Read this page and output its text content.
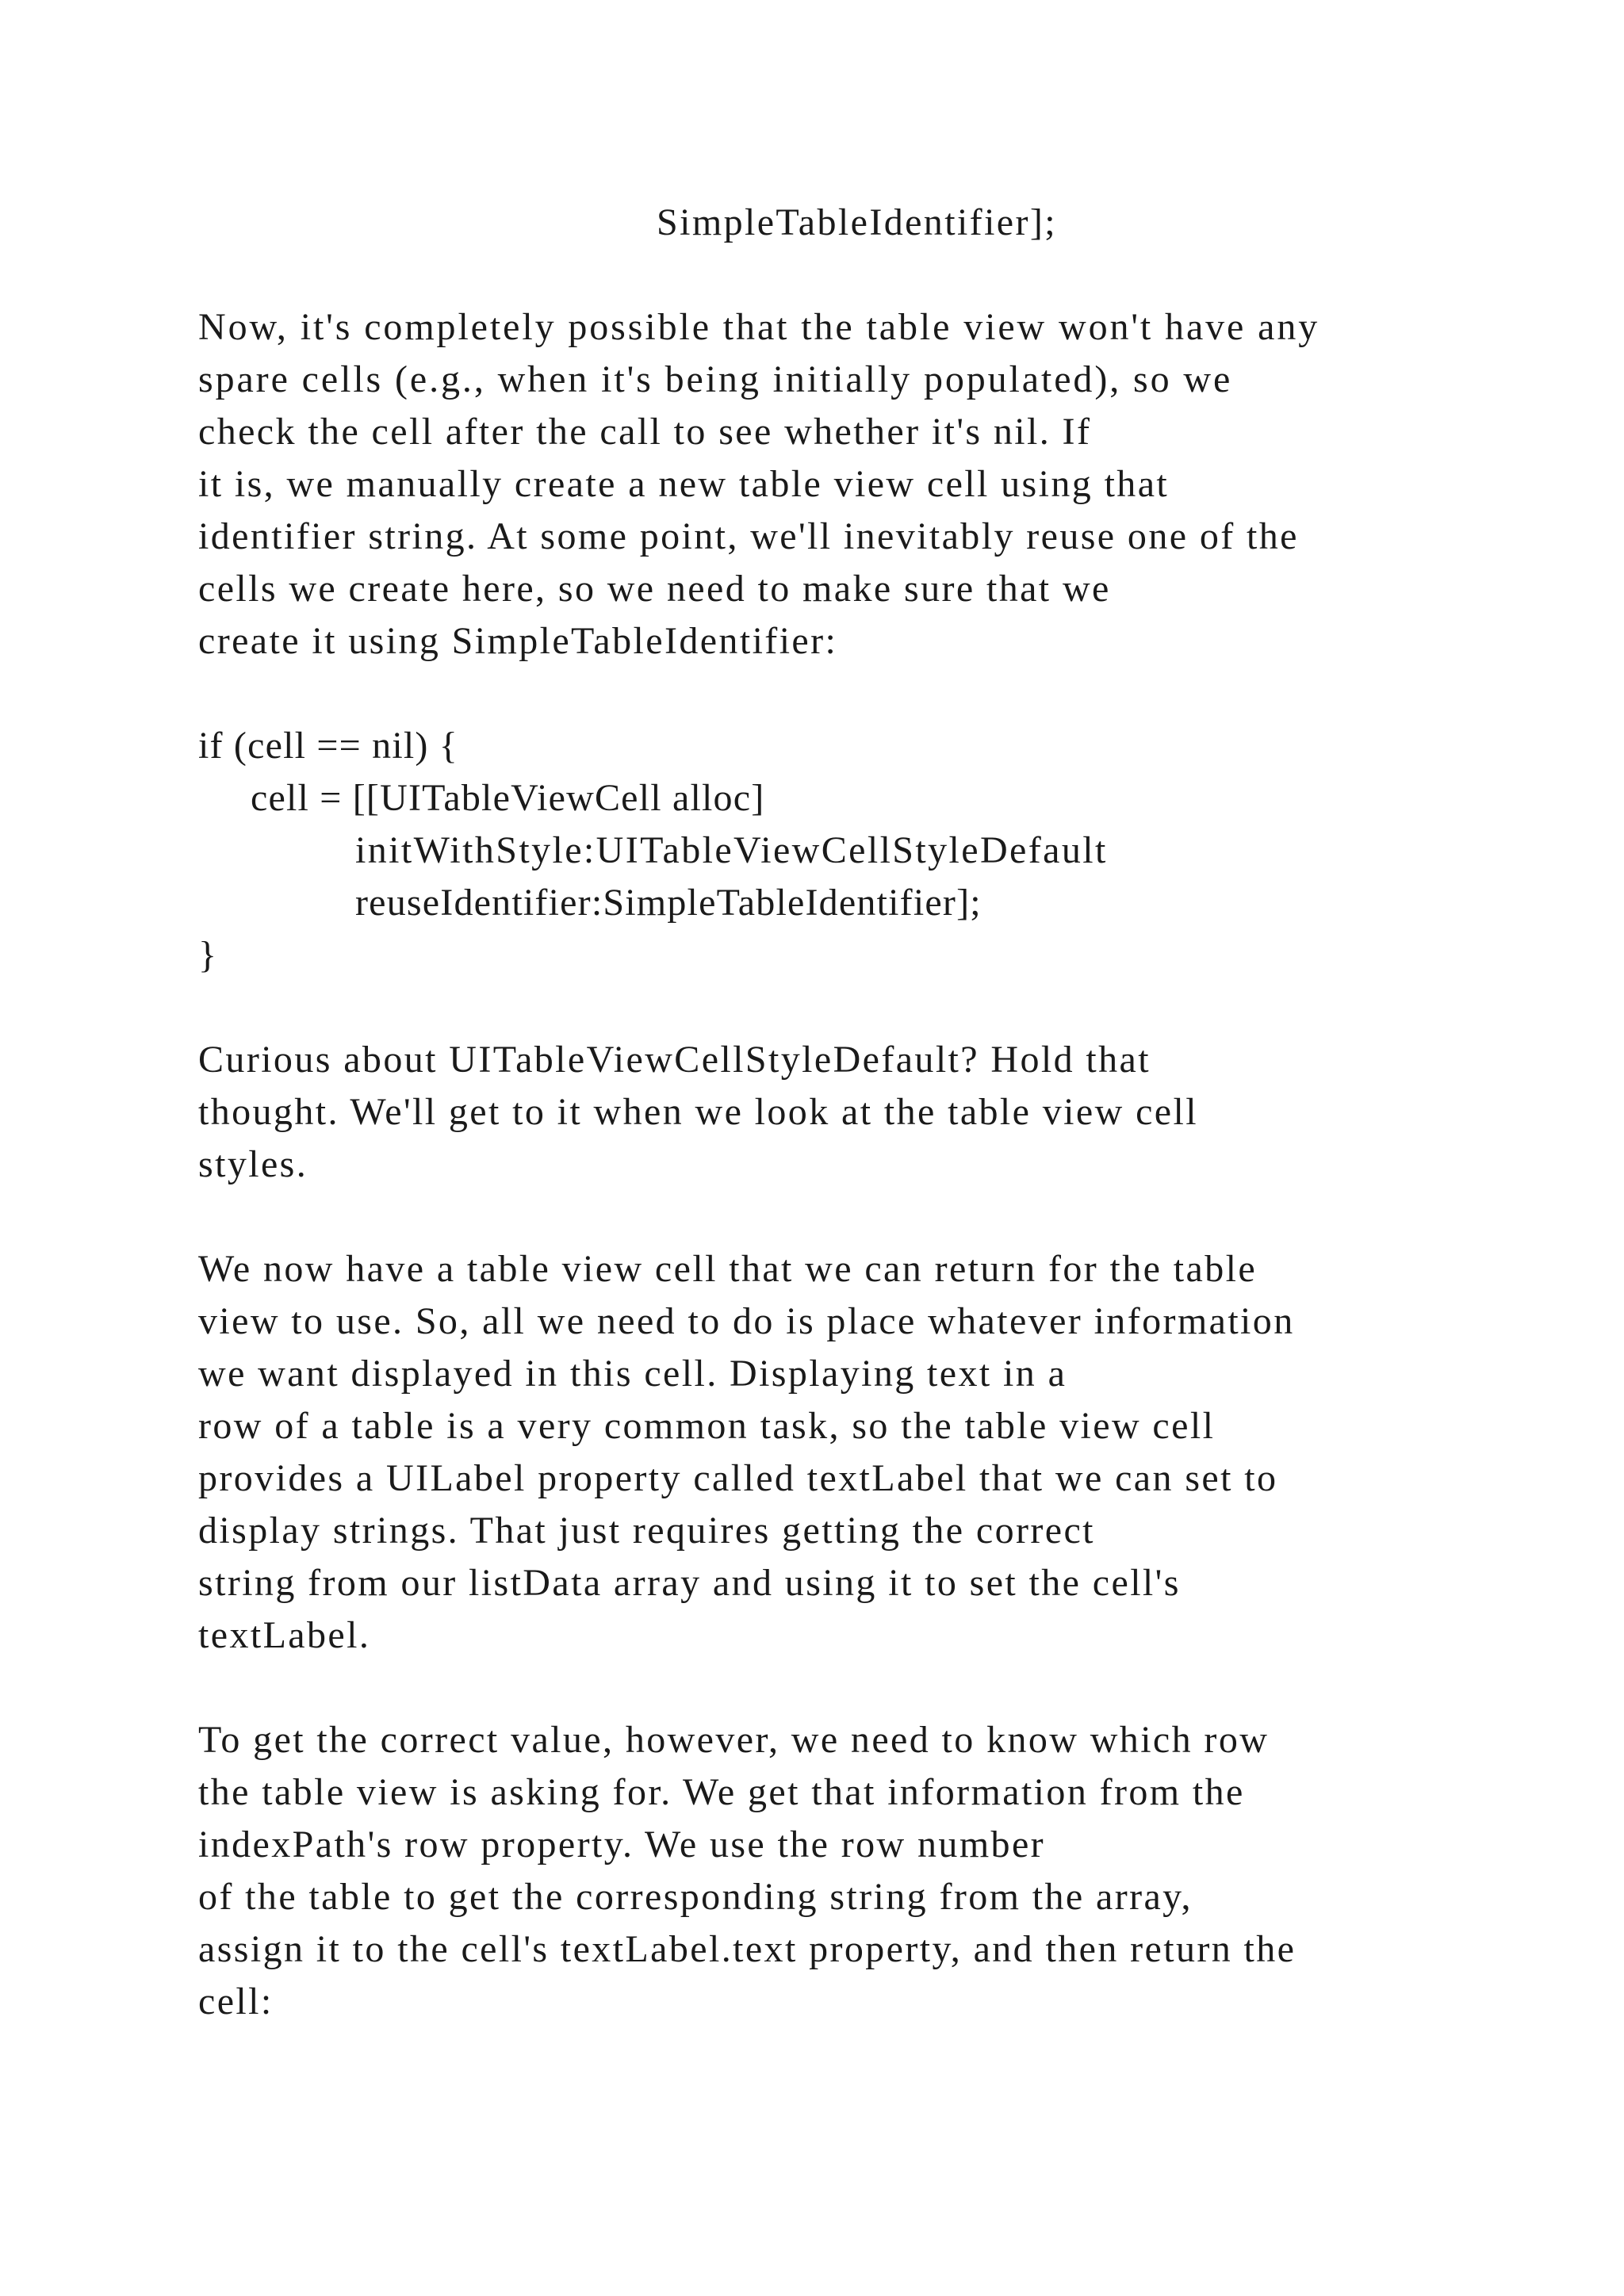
SimpleTableIdentifier];

Now, it's completely possible that the table view won't have any

spare cells (e.g., when it's being initially populated), so we

check the cell after the call to see whether it's nil. If

it is, we manually create a new table view cell using that

identifier string. At some point, we'll inevitably reuse one of the

cells we create here, so we need to make sure that we

create it using SimpleTableIdentifier:

if (cell == nil) {

cell = [[UITableViewCell alloc]

initWithStyle:UITableViewCellStyleDefault

reuseIdentifier:SimpleTableIdentifier];

}

Curious about UITableViewCellStyleDefault? Hold that

thought. We'll get to it when we look at the table view cell

styles.

We now have a table view cell that we can return for the table

view to use. So, all we need to do is place whatever information

we want displayed in this cell. Displaying text in a

row of a table is a very common task, so the table view cell

provides a UILabel property called textLabel that we can set to

display strings. That just requires getting the correct

string from our listData array and using it to set the cell's

textLabel.

To get the correct value, however, we need to know which row

the table view is asking for. We get that information from the

indexPath's row property. We use the row number

of the table to get the corresponding string from the array,

assign it to the cell's textLabel.text property, and then return the

cell:
